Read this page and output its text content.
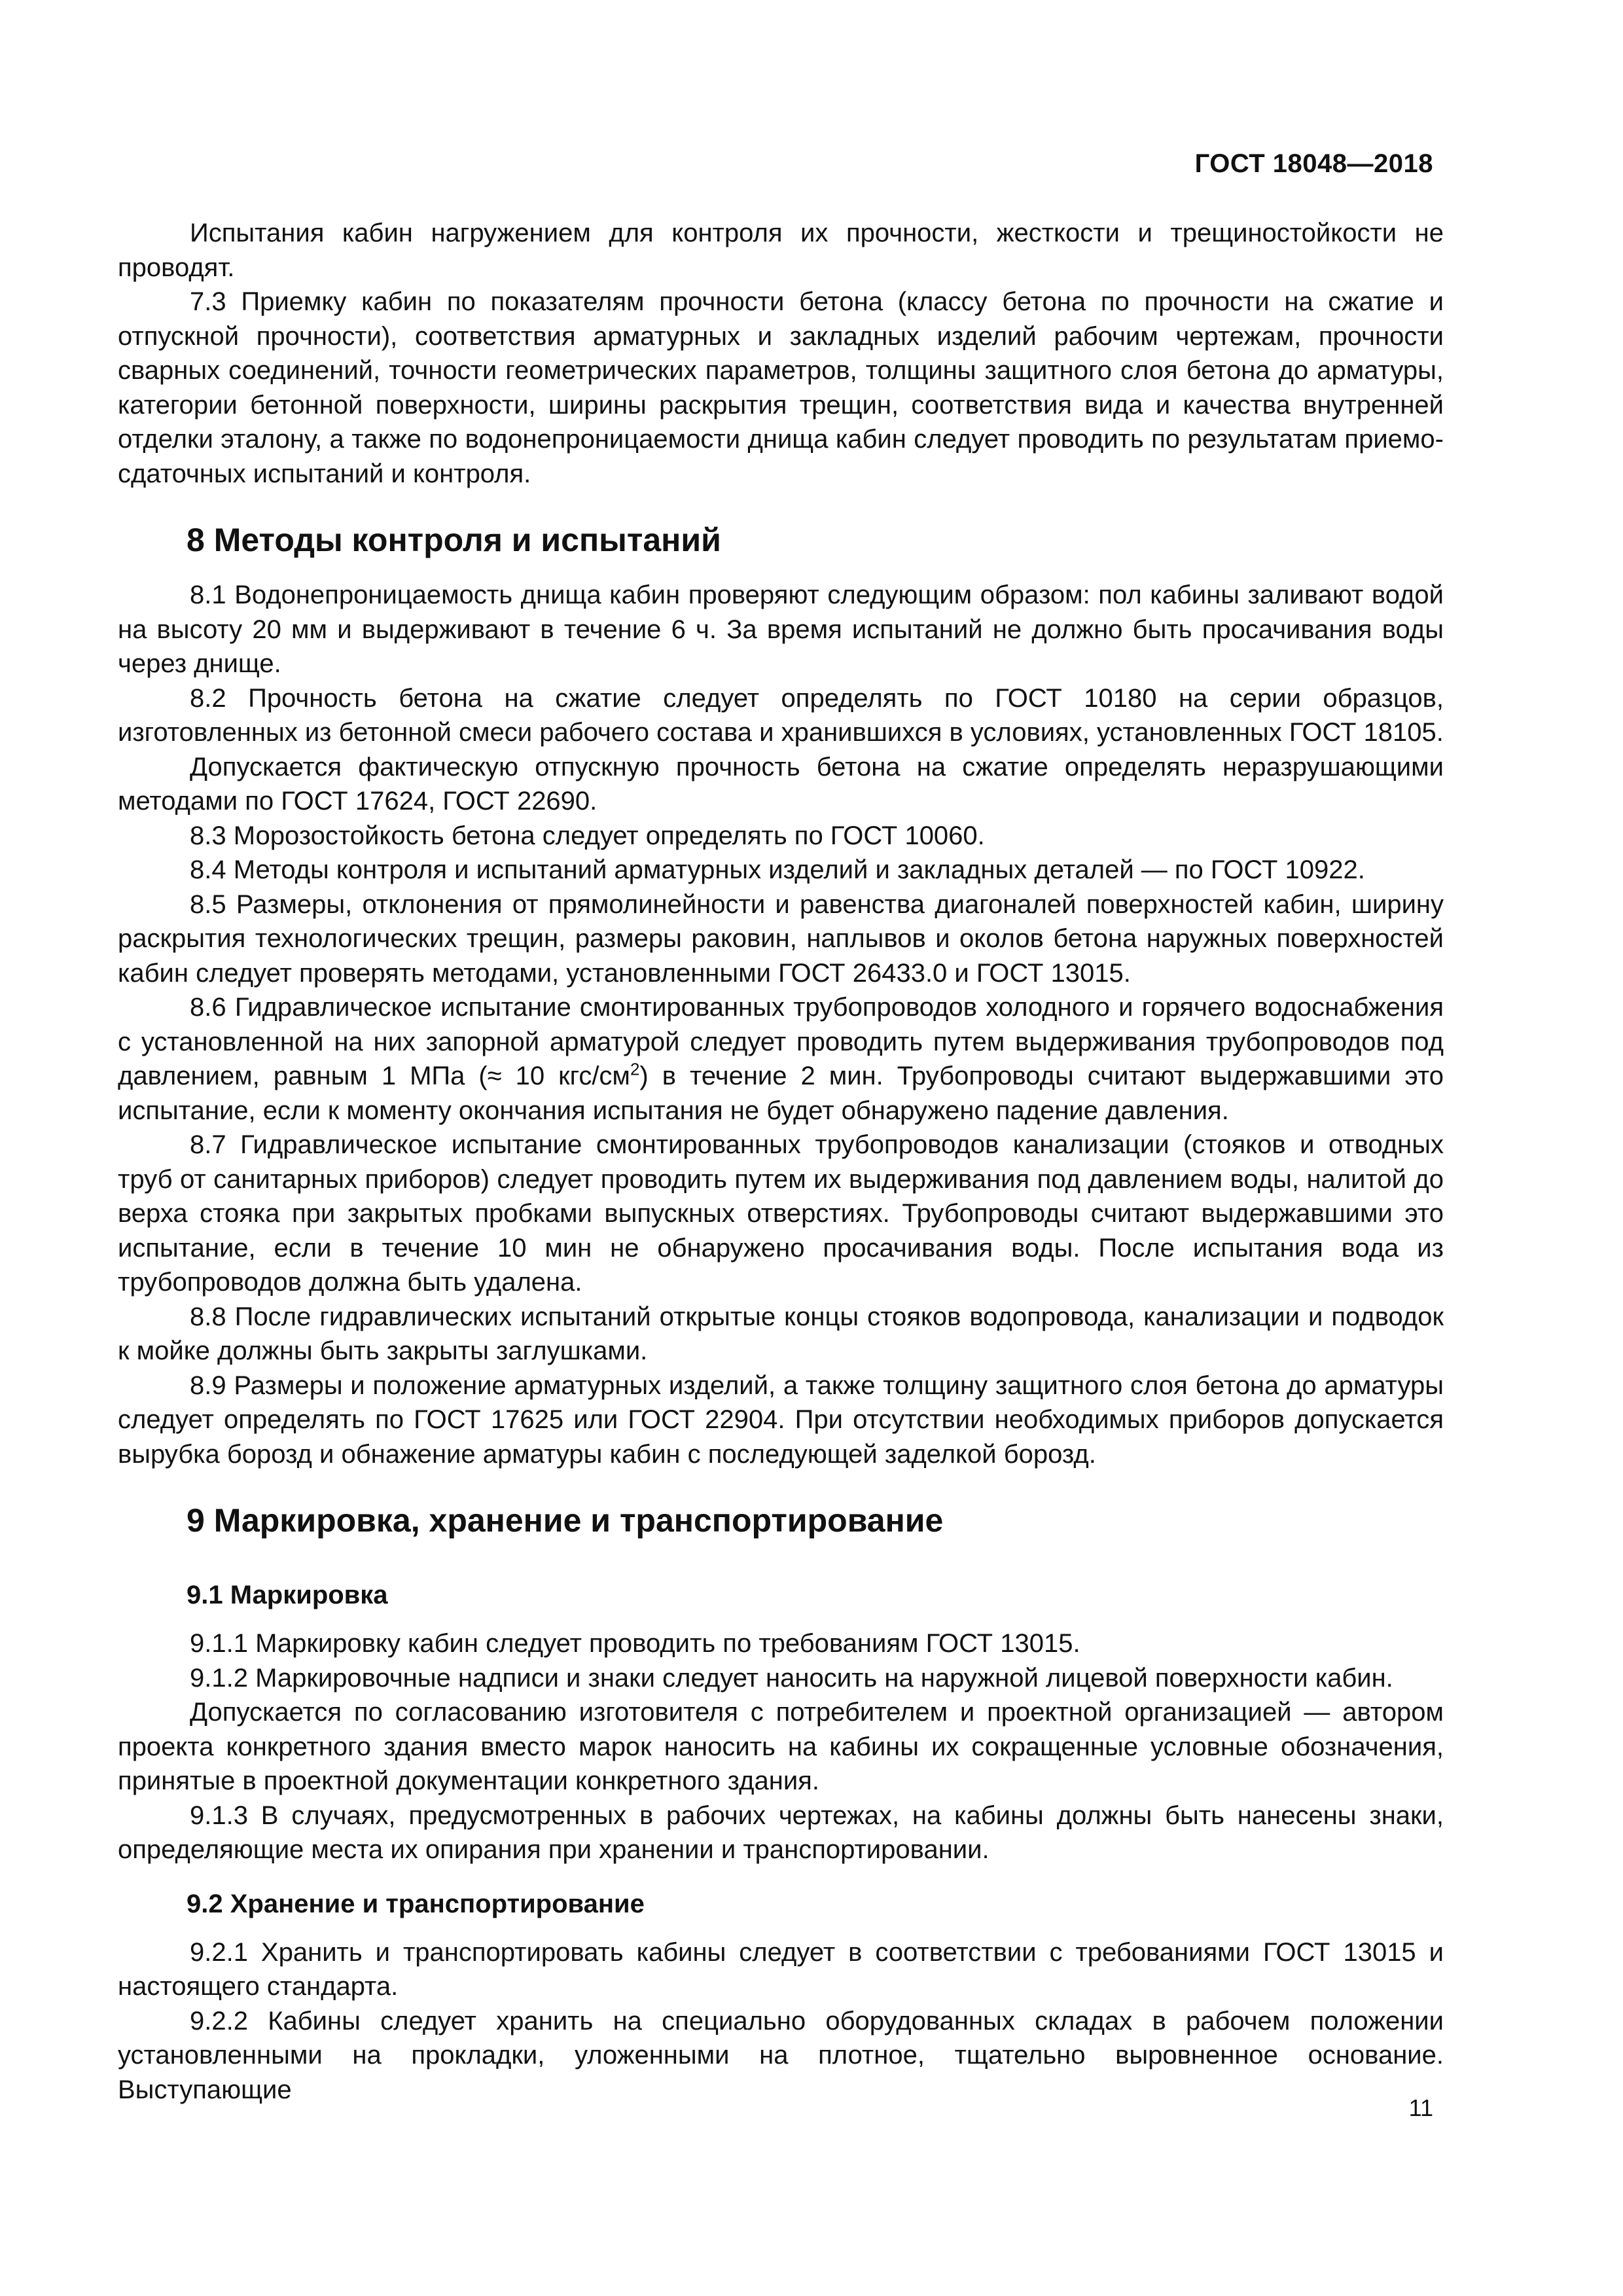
ГОСТ 18048—2018

Испытания кабин нагружением для контроля их прочности, жесткости и трещиностойкости не проводят.

7.3 Приемку кабин по показателям прочности бетона (классу бетона по прочности на сжатие и отпускной прочности), соответствия арматурных и закладных изделий рабочим чертежам, прочности сварных соединений, точности геометрических параметров, толщины защитного слоя бетона до арматуры, категории бетонной поверхности, ширины раскрытия трещин, соответствия вида и качества внутренней отделки эталону, а также по водонепроницаемости днища кабин следует проводить по результатам приемо-сдаточных испытаний и контроля.

8 Методы контроля и испытаний

8.1 Водонепроницаемость днища кабин проверяют следующим образом: пол кабины заливают водой на высоту 20 мм и выдерживают в течение 6 ч. За время испытаний не должно быть просачивания воды через днище.

8.2 Прочность бетона на сжатие следует определять по ГОСТ 10180 на серии образцов, изготовленных из бетонной смеси рабочего состава и хранившихся в условиях, установленных ГОСТ 18105.

Допускается фактическую отпускную прочность бетона на сжатие определять неразрушающими методами по ГОСТ 17624, ГОСТ 22690.

8.3 Морозостойкость бетона следует определять по ГОСТ 10060.

8.4 Методы контроля и испытаний арматурных изделий и закладных деталей — по ГОСТ 10922.

8.5 Размеры, отклонения от прямолинейности и равенства диагоналей поверхностей кабин, ширину раскрытия технологических трещин, размеры раковин, наплывов и околов бетона наружных поверхностей кабин следует проверять методами, установленными ГОСТ 26433.0 и ГОСТ 13015.

8.6 Гидравлическое испытание смонтированных трубопроводов холодного и горячего водоснабжения с установленной на них запорной арматурой следует проводить путем выдерживания трубопроводов под давлением, равным 1 МПа (≈ 10 кгс/$см^2$) в течение 2 мин. Трубопроводы считают выдержавшими это испытание, если к моменту окончания испытания не будет обнаружено падение давления.

8.7 Гидравлическое испытание смонтированных трубопроводов канализации (стояков и отводных труб от санитарных приборов) следует проводить путем их выдерживания под давлением воды, налитой до верха стояка при закрытых пробками выпускных отверстиях. Трубопроводы считают выдержавшими это испытание, если в течение 10 мин не обнаружено просачивания воды. После испытания вода из трубопроводов должна быть удалена.

8.8 После гидравлических испытаний открытые концы стояков водопровода, канализации и подводок к мойке должны быть закрыты заглушками.

8.9 Размеры и положение арматурных изделий, а также толщину защитного слоя бетона до арматуры следует определять по ГОСТ 17625 или ГОСТ 22904. При отсутствии необходимых приборов допускается вырубка борозд и обнажение арматуры кабин с последующей заделкой борозд.

9 Маркировка, хранение и транспортирование
9.1 Маркировка

9.1.1 Маркировку кабин следует проводить по требованиям ГОСТ 13015.

9.1.2 Маркировочные надписи и знаки следует наносить на наружной лицевой поверхности кабин.

Допускается по согласованию изготовителя с потребителем и проектной организацией — автором проекта конкретного здания вместо марок наносить на кабины их сокращенные условные обозначения, принятые в проектной документации конкретного здания.

9.1.3 В случаях, предусмотренных в рабочих чертежах, на кабины должны быть нанесены знаки, определяющие места их опирания при хранении и транспортировании.

9.2 Хранение и транспортирование

9.2.1 Хранить и транспортировать кабины следует в соответствии с требованиями ГОСТ 13015 и настоящего стандарта.

9.2.2 Кабины следует хранить на специально оборудованных складах в рабочем положении установленными на прокладки, уложенными на плотное, тщательно выровненное основание. Выступающие

11
